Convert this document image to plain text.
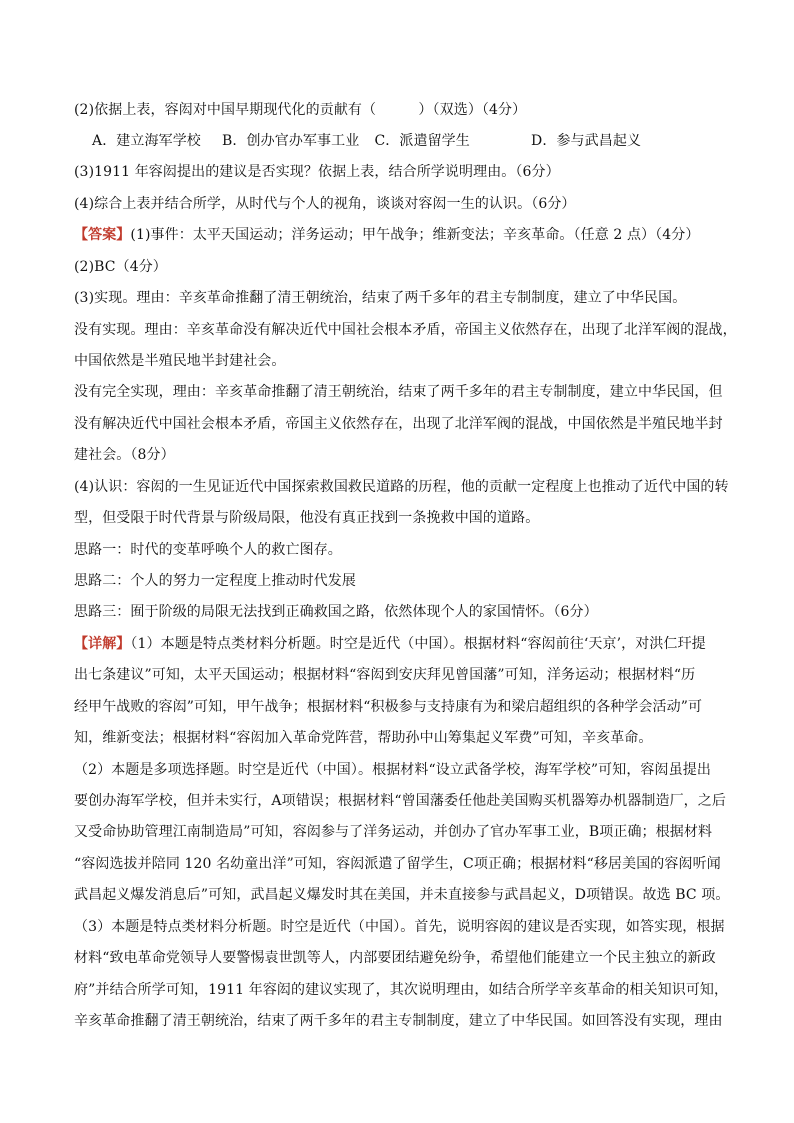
(2)依据上表，容闳对中国早期现代化的贡献有（　　　）（双选）（4分）
A．建立海军学校 B．创办官办军事工业 C．派遣留学生	D．参与武昌起义
(3)1911 年容闳提出的建议是否实现？依据上表，结合所学说明理由。（6分）
(4)综合上表并结合所学，从时代与个人的视角，谈谈对容闳一生的认识。（6分）
【答案】(1)事件：太平天国运动；洋务运动；甲午战争；维新变法；辛亥革命。（任意 2 点）（4分）
(2)BC（4分）
(3)实现。理由：辛亥革命推翻了清王朝统治，结束了两千多年的君主专制制度，建立了中华民国。
没有实现。理由：辛亥革命没有解决近代中国社会根本矛盾，帝国主义依然存在，出现了北洋军阀的混战，
中国依然是半殖民地半封建社会。
没有完全实现，理由：辛亥革命推翻了清王朝统治，结束了两千多年的君主专制制度，建立中华民国，但
没有解决近代中国社会根本矛盾，帝国主义依然存在，出现了北洋军阀的混战，中国依然是半殖民地半封
建社会。（8分）
(4)认识：容闳的一生见证近代中国探索救国救民道路的历程，他的贡献一定程度上也推动了近代中国的转
型，但受限于时代背景与阶级局限，他没有真正找到一条挽救中国的道路。
思路一：时代的变革呼唤个人的救亡图存。
思路二：个人的努力一定程度上推动时代发展
思路三：囿于阶级的局限无法找到正确救国之路，依然体现个人的家国情怀。（6分）
【详解】（1）本题是特点类材料分析题。时空是近代（中国）。根据材料“容闳前往‘天京’，对洪仁玕提
出七条建议”可知，太平天国运动；根据材料“容闳到安庆拜见曾国藩”可知，洋务运动；根据材料“历
经甲午战败的容闳”可知，甲午战争；根据材料“积极参与支持康有为和梁启超组织的各种学会活动”可
知，维新变法；根据材料“容闳加入革命党阵营，帮助孙中山筹集起义军费”可知，辛亥革命。
（2）本题是多项选择题。时空是近代（中国）。根据材料“设立武备学校，海军学校”可知，容闳虽提出
要创办海军学校，但并未实行，A项错误；根据材料“曾国藩委任他赴美国购买机器筹办机器制造厂，之后
又受命协助管理江南制造局”可知，容闳参与了洋务运动，并创办了官办军事工业，B项正确；根据材料
“容闳选拔并陪同 120 名幼童出洋”可知，容闳派遣了留学生，C项正确；根据材料“移居美国的容闳听闻
武昌起义爆发消息后”可知，武昌起义爆发时其在美国，并未直接参与武昌起义，D项错误。故选 BC 项。
（3）本题是特点类材料分析题。时空是近代（中国）。首先，说明容闳的建议是否实现，如答实现，根据
材料“致电革命党领导人要警惕袁世凯等人，内部要团结避免纷争，希望他们能建立一个民主独立的新政
府”并结合所学可知，1911 年容闳的建议实现了，其次说明理由，如结合所学辛亥革命的相关知识可知，
辛亥革命推翻了清王朝统治，结束了两千多年的君主专制制度，建立了中华民国。如回答没有实现，理由
